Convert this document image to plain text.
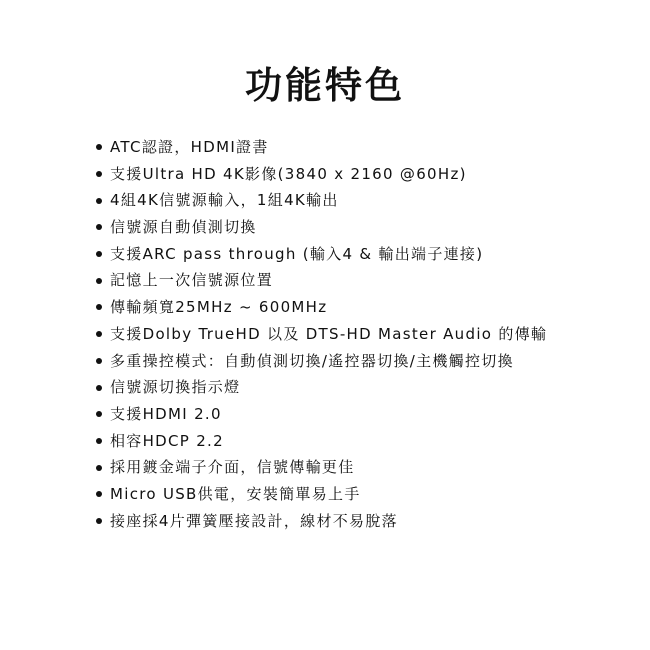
功能特色
ATC認證，HDMI證書
支援Ultra HD 4K影像(3840 x 2160 @60Hz)
4組4K信號源輸入，1組4K輸出
信號源自動偵測切換
支援ARC pass through (輸入4 & 輸出端子連接)
記憶上一次信號源位置
傳輸頻寬25MHz ~ 600MHz
支援Dolby TrueHD 以及 DTS-HD Master Audio 的傳輸
多重操控模式：自動偵測切換/遙控器切換/主機觸控切換
信號源切換指示燈
支援HDMI 2.0
相容HDCP 2.2
採用鍍金端子介面，信號傳輸更佳
Micro USB供電，安裝簡單易上手
接座採4片彈簧壓接設計，線材不易脫落
